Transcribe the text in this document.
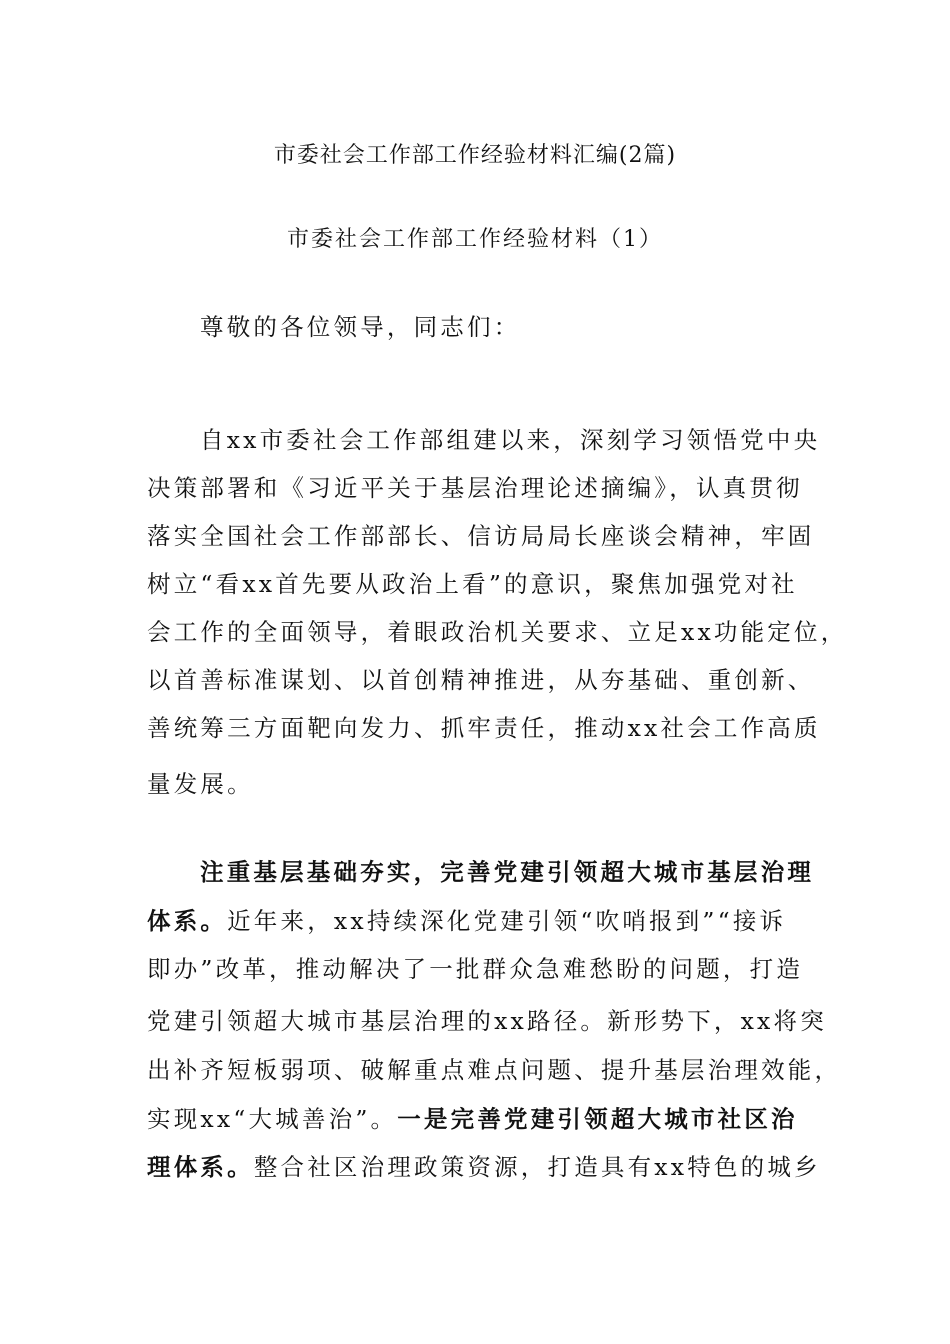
市委社会工作部工作经验材料汇编(2篇)
市委社会工作部工作经验材料（1）
尊敬的各位领导，同志们：
自xx市委社会工作部组建以来，深刻学习领悟党中央
决策部署和《习近平关于基层治理论述摘编》，认真贯彻
落实全国社会工作部部长、信访局局长座谈会精神，牢固
树立“看xx首先要从政治上看”的意识，聚焦加强党对社
会工作的全面领导，着眼政治机关要求、立足xx功能定位，
以首善标准谋划、以首创精神推进，从夯基础、重创新、
善统筹三方面靶向发力、抓牢责任，推动xx社会工作高质
量发展。
注重基层基础夯实，完善党建引领超大城市基层治理
体系。近年来，xx持续深化党建引领“吹哨报到”“接诉
即办”改革，推动解决了一批群众急难愁盼的问题，打造
党建引领超大城市基层治理的xx路径。新形势下，xx将突
出补齐短板弱项、破解重点难点问题、提升基层治理效能，
实现xx“大城善治”。一是完善党建引领超大城市社区治
理体系。整合社区治理政策资源，打造具有xx特色的城乡
